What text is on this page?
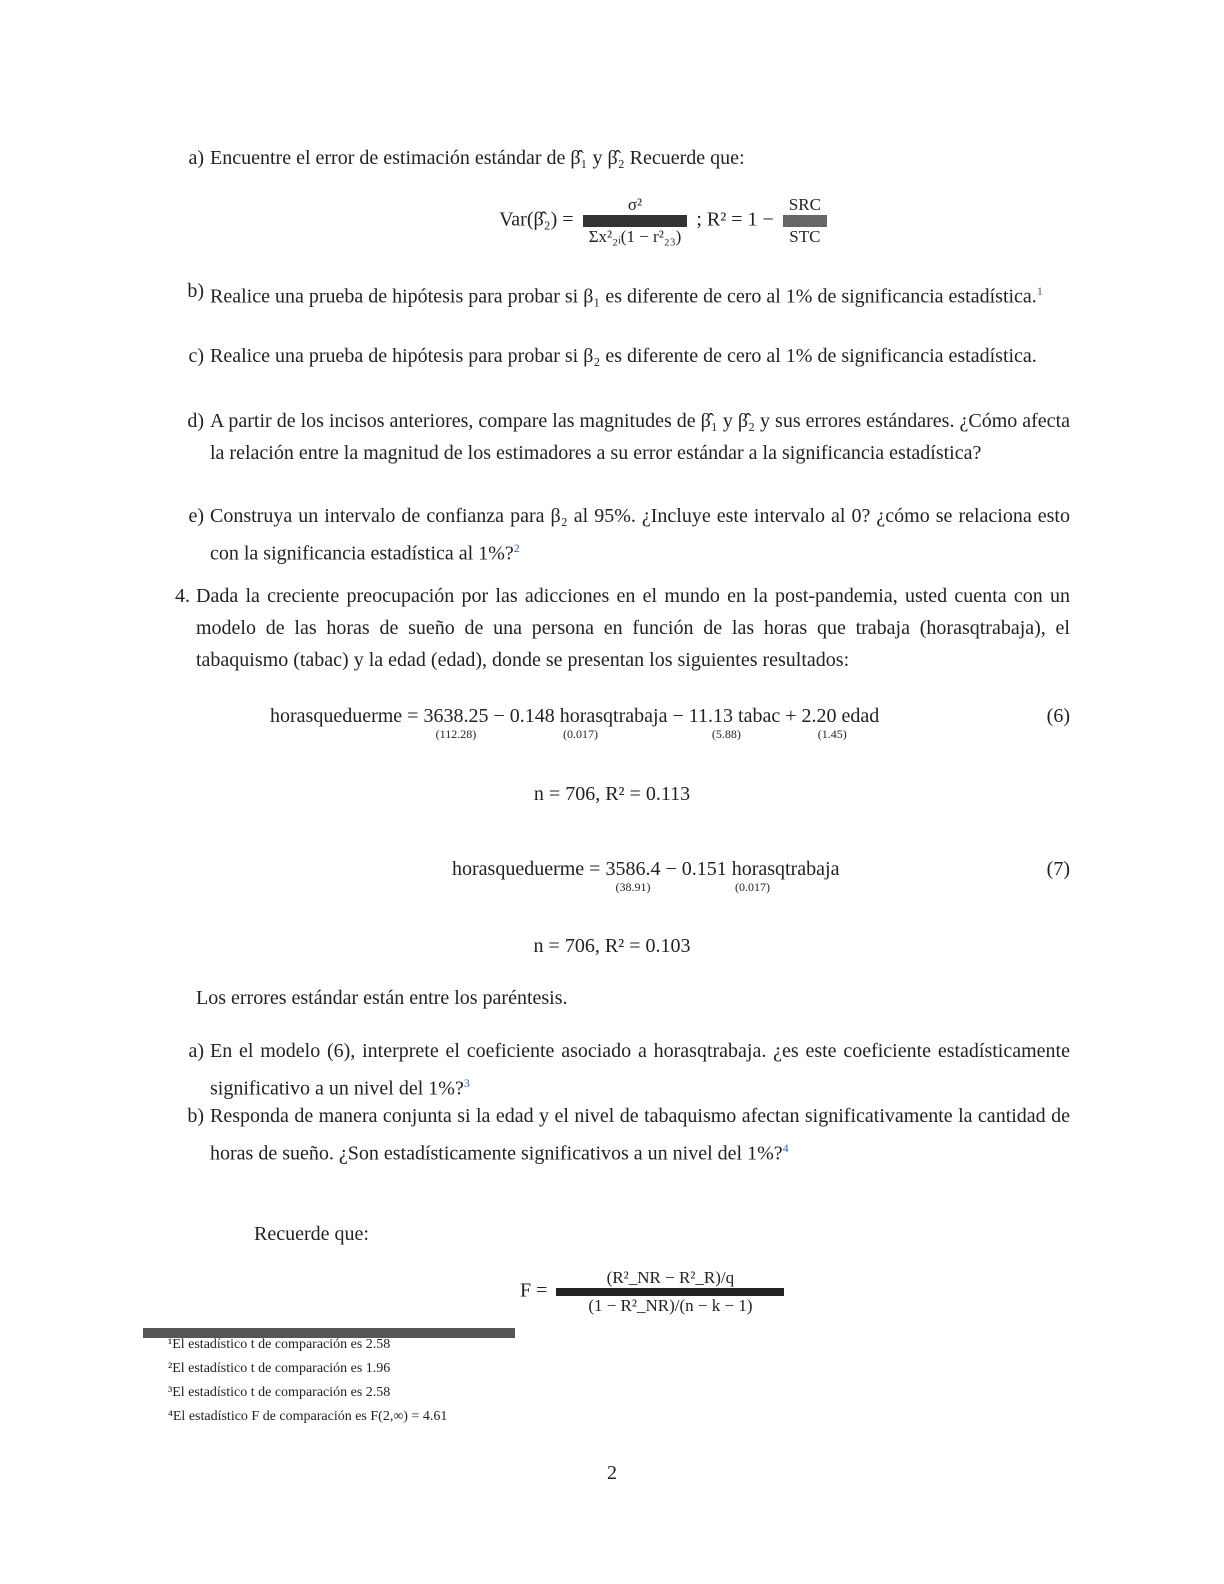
a) Encuentre el error de estimación estándar de β̂₁ y β̂₂ Recuerde que:
Var(β̂₂) =
σ²
Σx²₂ᵢ(1 − r²₂₃)
; R² = 1 −
SRC
STC
b) Realice una prueba de hipótesis para probar si β₁ es diferente de cero al 1% de significancia estadística.$^1$
c) Realice una prueba de hipótesis para probar si β₂ es diferente de cero al 1% de significancia estadística.
d) A partir de los incisos anteriores, compare las magnitudes de β̂₁ y β̂₂ y sus errores estándares. ¿Cómo afecta la relación entre la magnitud de los estimadores a su error estándar a la significancia estadística?
e) Construya un intervalo de confianza para β₂ al 95%. ¿Incluye este intervalo al 0? ¿cómo se relaciona esto con la significancia estadística al 1%?$^2$
4. Dada la creciente preocupación por las adicciones en el mundo en la post-pandemia, usted cuenta con un modelo de las horas de sueño de una persona en función de las horas que trabaja (horasqtrabaja), el tabaquismo (tabac) y la edad (edad), donde se presentan los siguientes resultados:
horasqueduerme =
3638.25
(112.28)
− 0.148 horasqtrabaja
(0.017)
− 11.13 tabac
(5.88)
+ 2.20 edad
(1.45)
(6)
n = 706, R² = 0.113
horasqueduerme =
3586.4
(38.91)
− 0.151 horasqtrabaja
(0.017)
(7)
n = 706, R² = 0.103
Los errores estándar están entre los paréntesis.
a) En el modelo (6), interprete el coeficiente asociado a horasqtrabaja. ¿es este coeficiente estadísticamente significativo a un nivel del 1%?$^3$
b) Responda de manera conjunta si la edad y el nivel de tabaquismo afectan significativamente la cantidad de horas de sueño. ¿Son estadísticamente significativos a un nivel del 1%?$^4$
Recuerde que:
F =
(R²_NR − R²_R)/q
(1 − R²_NR)/(n − k − 1)
¹El estadístico t de comparación es 2.58
²El estadístico t de comparación es 1.96
³El estadístico t de comparación es 2.58
⁴El estadístico F de comparación es F(2,∞) = 4.61
2
